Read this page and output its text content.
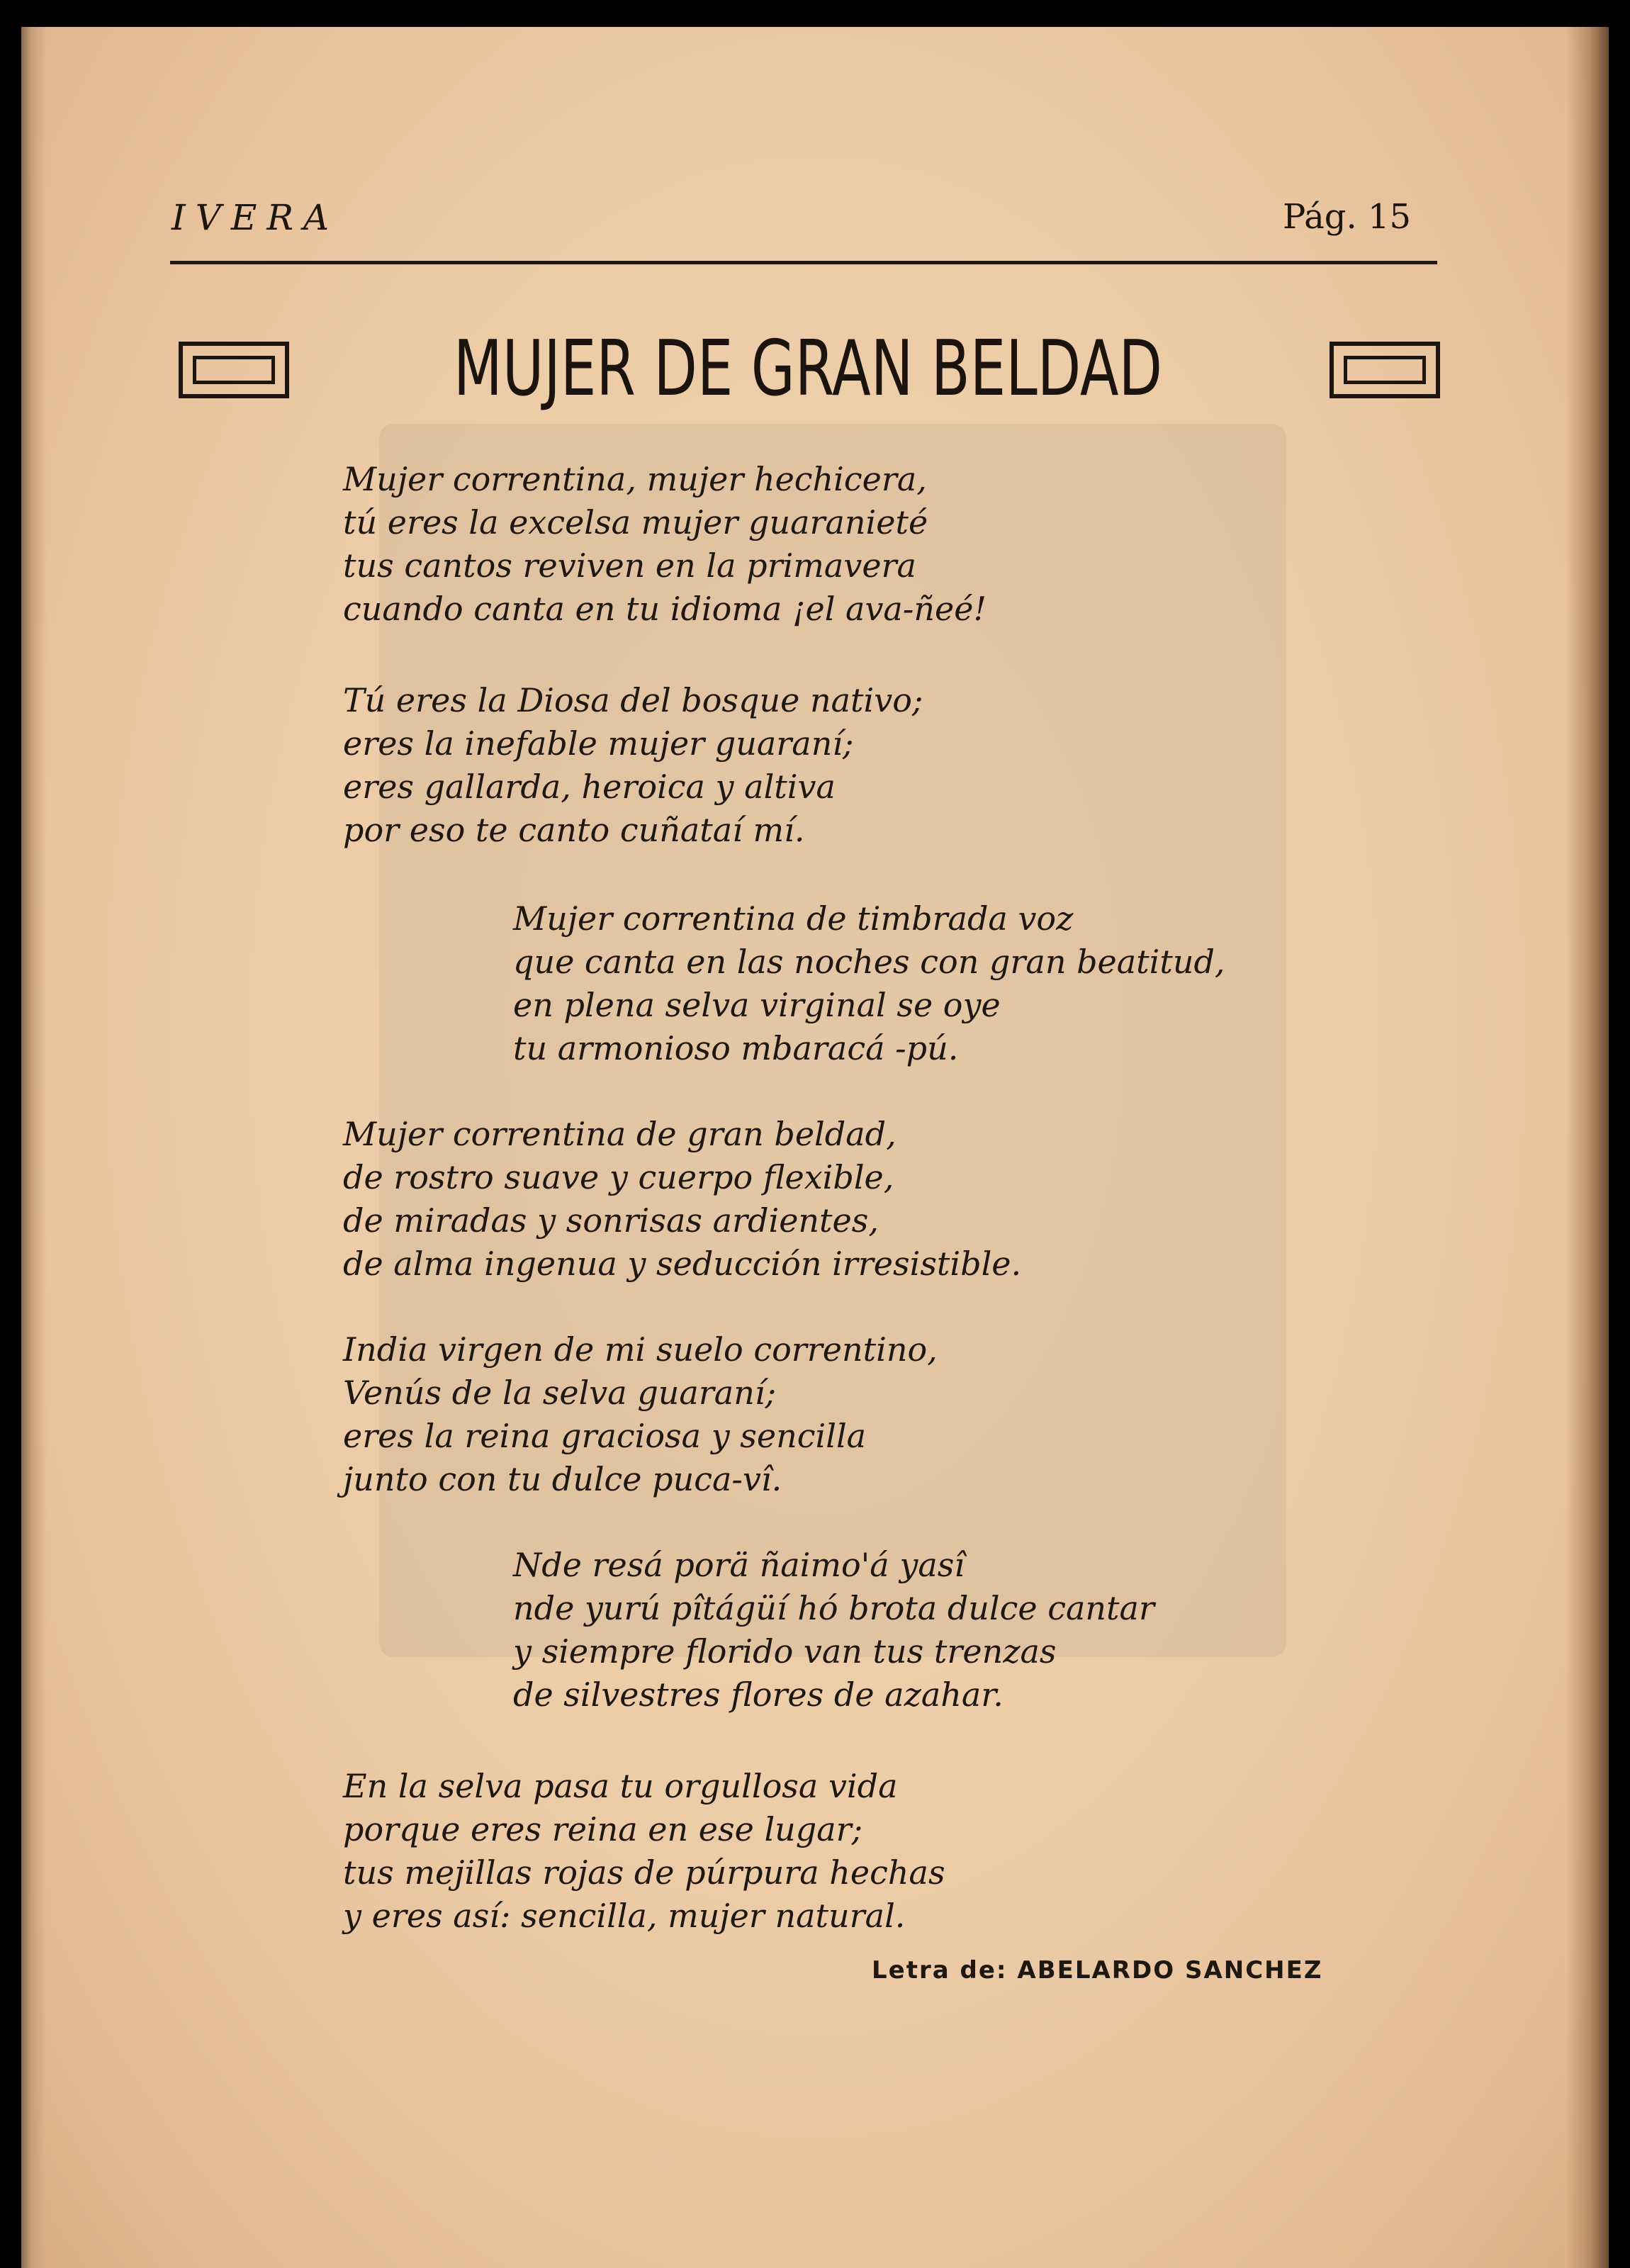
IVERA	Pág. 15
MUJER DE GRAN BELDAD
Mujer correntina, mujer hechicera,
tú eres la excelsa mujer guaranieté
tus cantos reviven en la primavera
cuando canta en tu idioma ¡el ava-ñeé!
Tú eres la Diosa del bosque nativo;
eres la inefable mujer guaraní;
eres gallarda, heroica y altiva
por eso te canto cuñataí mí.
Mujer correntina de timbrada voz
que canta en las noches con gran beatitud,
en plena selva virginal se oye
tu armonioso mbaracá -pú.
Mujer correntina de gran beldad,
de rostro suave y cuerpo flexible,
de miradas y sonrisas ardientes,
de alma ingenua y seducción irresistible.
India virgen de mi suelo correntino,
Venús de la selva guaraní;
eres la reina graciosa y sencilla
junto con tu dulce puca-vî.
Nde resá porä ñaimo'á yasî
nde yurú pîtágüí hó brota dulce cantar
y siempre florido van tus trenzas
de silvestres flores de azahar.
En la selva pasa tu orgullosa vida
porque eres reina en ese lugar;
tus mejillas rojas de púrpura hechas
y eres así: sencilla, mujer natural.
Letra de: ABELARDO SANCHEZ
